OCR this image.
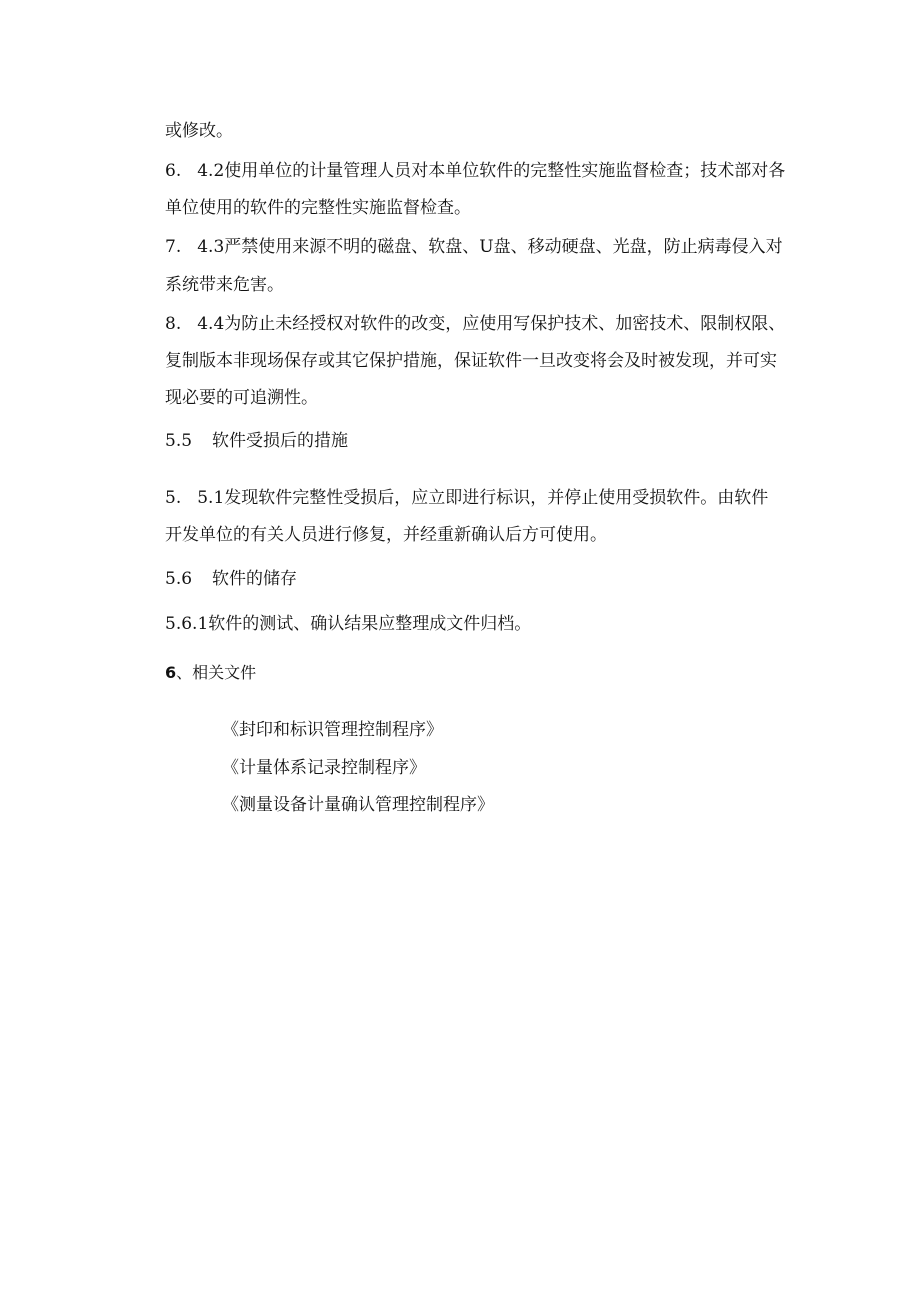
或修改。
6. 4.2使用单位的计量管理人员对本单位软件的完整性实施监督检查；技术部对各
单位使用的软件的完整性实施监督检查。
7. 4.3严禁使用来源不明的磁盘、软盘、U盘、移动硬盘、光盘，防止病毒侵入对
系统带来危害。
8. 4.4为防止未经授权对软件的改变，应使用写保护技术、加密技术、限制权限、
复制版本非现场保存或其它保护措施，保证软件一旦改变将会及时被发现，并可实
现必要的可追溯性。
5.5 软件受损后的措施
5. 5.1发现软件完整性受损后，应立即进行标识，并停止使用受损软件。由软件
开发单位的有关人员进行修复，并经重新确认后方可使用。
5.6 软件的储存
5.6.1软件的测试、确认结果应整理成文件归档。
6、相关文件
《封印和标识管理控制程序》
《计量体系记录控制程序》
《测量设备计量确认管理控制程序》
